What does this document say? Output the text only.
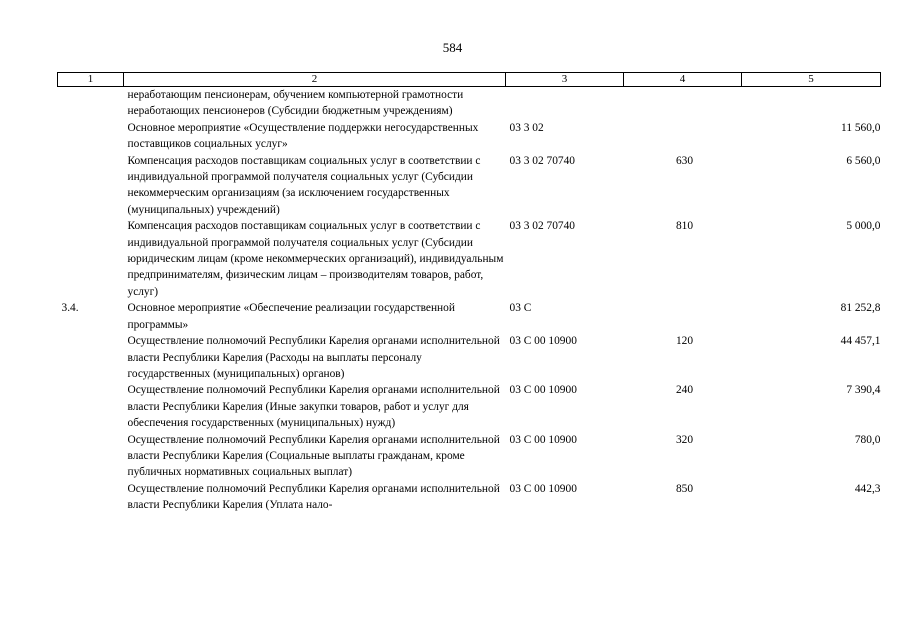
584
1	2	3	4	5
	неработающим пенсионерам, обучением компьютерной грамотности неработающих пенсионеров (Субсидии бюджетным учреждениям)			
	Основное мероприятие «Осуществление поддержки негосударственных поставщиков социальных услуг»	03 3 02		11 560,0
	Компенсация расходов поставщикам социальных услуг в соответствии с индивидуальной программой получателя социальных услуг (Субсидии некоммерческим организациям (за исключением государственных (муниципальных) учреждений)	03 3 02 70740	630	6 560,0
	Компенсация расходов поставщикам социальных услуг в соответствии с индивидуальной программой получателя социальных услуг (Субсидии юридическим лицам (кроме некоммерческих организаций), индивидуальным предпринимателям, физическим лицам – производителям товаров, работ, услуг)	03 3 02 70740	810	5 000,0
3.4.	Основное мероприятие «Обеспечение реализации государственной программы»	03 С		81 252,8
	Осуществление полномочий Республики Карелия органами исполнительной власти Республики Карелия (Расходы на выплаты персоналу государственных (муниципальных) органов)	03 С 00 10900	120	44 457,1
	Осуществление полномочий Республики Карелия органами исполнительной власти Республики Карелия (Иные закупки товаров, работ и услуг для обеспечения государственных (муниципальных) нужд)	03 С 00 10900	240	7 390,4
	Осуществление полномочий Республики Карелия органами исполнительной власти Республики Карелия (Социальные выплаты гражданам, кроме публичных нормативных социальных выплат)	03 С 00 10900	320	780,0
	Осуществление полномочий Республики Карелия органами исполнительной власти Республики Карелия (Уплата нало-	03 С 00 10900	850	442,3
